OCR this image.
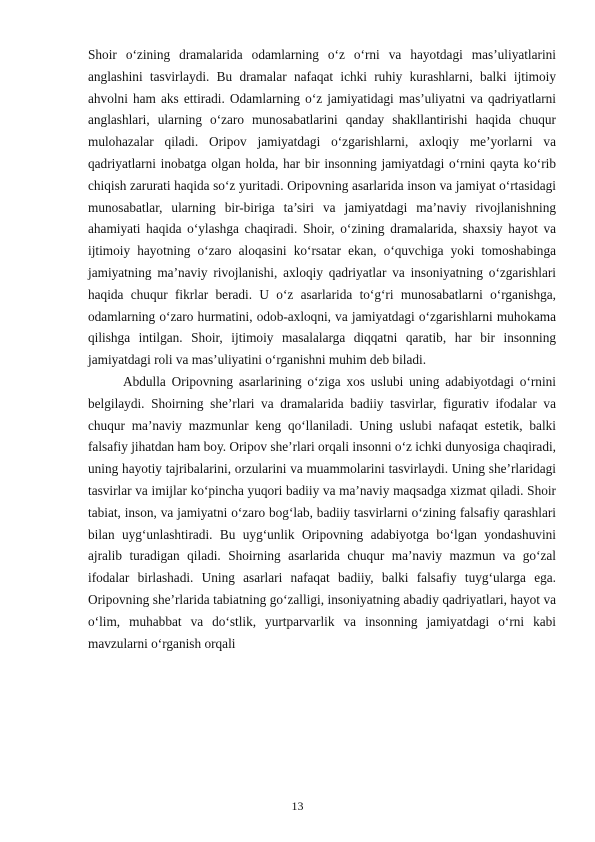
Shoir o‘zining dramalarida odamlarning o‘z o‘rni va hayotdagi mas’uliyatlarini anglashini tasvirlaydi. Bu dramalar nafaqat ichki ruhiy kurashlarni, balki ijtimoiy ahvolni ham aks ettiradi. Odamlarning o‘z jamiyatidagi mas’uliyatni va qadriyatlarni anglashlari, ularning o‘zaro munosabatlarini qanday shakllantirishi haqida chuqur mulohazalar qiladi. Oripov jamiyatdagi o‘zgarishlarni, axloqiy me’yorlarni va qadriyatlarni inobatga olgan holda, har bir insonning jamiyatdagi o‘rnini qayta ko‘rib chiqish zarurati haqida so‘z yuritadi. Oripovning asarlarida inson va jamiyat o‘rtasidagi munosabatlar, ularning bir-biriga ta’siri va jamiyatdagi ma’naviy rivojlanishning ahamiyati haqida o‘ylashga chaqiradi. Shoir, o‘zining dramalarida, shaxsiy hayot va ijtimoiy hayotning o‘zaro aloqasini ko‘rsatar ekan, o‘quvchiga yoki tomoshabinga jamiyatning ma’naviy rivojlanishi, axloqiy qadriyatlar va insoniyatning o‘zgarishlari haqida chuqur fikrlar beradi. U o‘z asarlarida to‘g‘ri munosabatlarni o‘rganishga, odamlarning o‘zaro hurmatini, odob-axloqni, va jamiyatdagi o‘zgarishlarni muhokama qilishga intilgan. Shoir, ijtimoiy masalalarga diqqatni qaratib, har bir insonning jamiyatdagi roli va mas’uliyatini o‘rganishni muhim deb biladi.

Abdulla Oripovning asarlarining o‘ziga xos uslubi uning adabiyotdagi o‘rnini belgilaydi. Shoirning she’rlari va dramalarida badiiy tasvirlar, figurativ ifodalar va chuqur ma’naviy mazmunlar keng qo‘llaniladi. Uning uslubi nafaqat estetik, balki falsafiy jihatdan ham boy. Oripov she’rlari orqali insonni o‘z ichki dunyosiga chaqiradi, uning hayotiy tajribalarini, orzularini va muammolarini tasvirlaydi. Uning she’rlaridagi tasvirlar va imijlar ko‘pincha yuqori badiiy va ma’naviy maqsadga xizmat qiladi. Shoir tabiat, inson, va jamiyatni o‘zaro bog‘lab, badiiy tasvirlarni o‘zining falsafiy qarashlari bilan uyg‘unlashtiradi. Bu uyg‘unlik Oripovning adabiyotga bo‘lgan yondashuvini ajralib turadigan qiladi. Shoirning asarlarida chuqur ma’naviy mazmun va go‘zal ifodalar birlashadi. Uning asarlari nafaqat badiiy, balki falsafiy tuyg‘ularga ega. Oripovning she’rlarida tabiatning go‘zalligi, insoniyatning abadiy qadriyatlari, hayot va o‘lim, muhabbat va do‘stlik, yurtparvarlik va insonning jamiyatdagi o‘rni kabi mavzularni o‘rganish orqali

13
